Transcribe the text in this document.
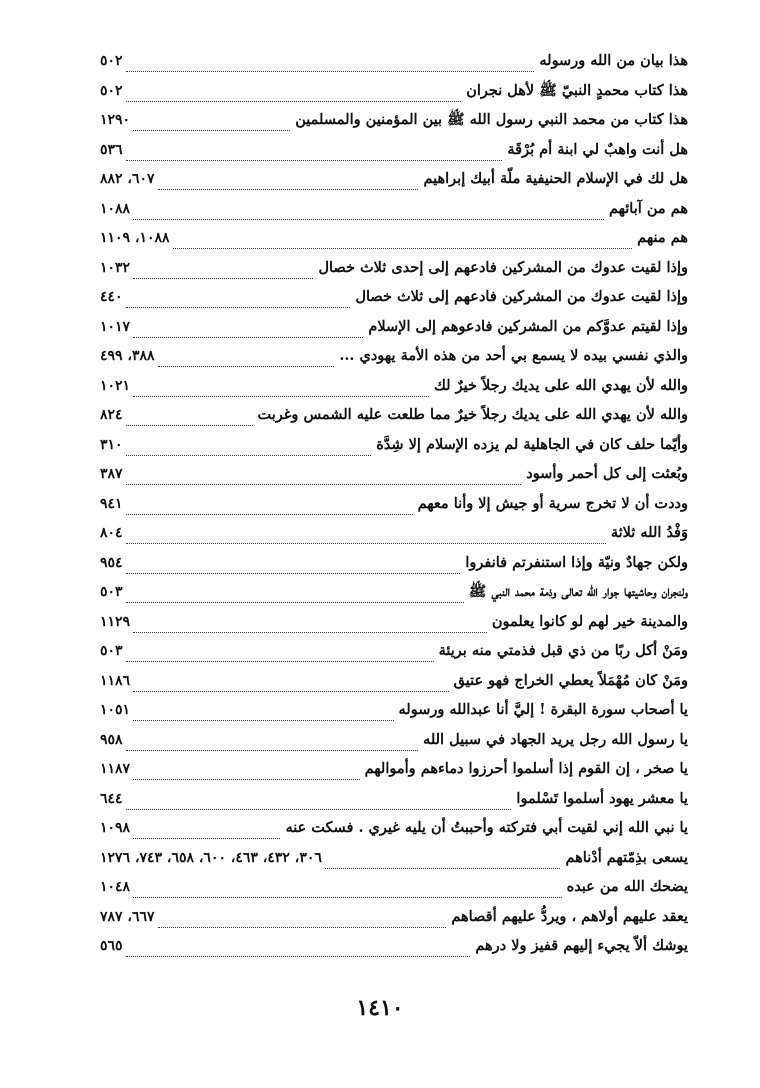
هذا بيان من الله ورسوله
٥٠٢
هذا كتاب محمدٍ النبيّ ﷺ لأهل نجران
٥٠٢
هذا كتاب من محمد النبي رسول الله ﷺ بين المؤمنين والمسلمين
١٢٩٠
هل أنت واهبٌ لي ابنة أم بُرْقَة
٥٣٦
هل لك في الإسلام الحنيفية ملّة أبيك إبراهيم
٦٠٧، ٨٨٢
هم من آبائهم
١٠٨٨
هم منهم
١٠٨٨، ١١٠٩
وإذا لقيت عدوك من المشركين فادعهم إلى إحدى ثلاث خصال
١٠٣٢
وإذا لقيت عدوك من المشركين فادعهم إلى ثلاث خصال
٤٤٠
وإذا لقيتم عدوَّكم من المشركين فادعوهم إلى الإسلام
١٠١٧
والذي نفسي بيده لا يسمع بي أحد من هذه الأمة يهودي ...
٣٨٨، ٤٩٩
والله لأن يهدي الله على يديك رجلاً خيرٌ لك
١٠٢١
والله لأن يهدي الله على يديك رجلاً خيرٌ مما طلعت عليه الشمس وغربت
٨٢٤
وأيّما حلف كان في الجاهلية لم يزده الإسلام إلا شِدَّة
٣١٠
وبُعثت إلى كل أحمر وأسود
٣٨٧
وددت أن لا تخرج سرية أو جيش إلا وأنا معهم
٩٤١
وَفْدُ الله ثلاثة
٨٠٤
ولكن جهادٌ ونيّة وإذا استنفرتم فانفروا
٩٥٤
ولنجران وحاشيتها جوار الله تعالى وذمة محمد النبي ﷺ
٥٠٣
والمدينة خير لهم لو كانوا يعلمون
١١٢٩
ومَنْ أكل ربًا من ذي قبل فذمتي منه بريئة
٥٠٣
ومَنْ كان مُهْمَلاً يعطي الخراج فهو عتيق
١١٨٦
يا أصحاب سورة البقرة ! إليَّ أنا عبدالله ورسوله
١٠٥١
يا رسول الله رجل يريد الجهاد في سبيل الله
٩٥٨
يا صخر ، إن القوم إذا أسلموا أحرزوا دماءهم وأموالهم
١١٨٧
يا معشر يهود أسلموا تَسْلموا
٦٤٤
يا نبي الله إني لقيت أبي فتركته وأحببتُ أن يليه غيري . فسكت عنه
١٠٩٨
يسعى بذِمّتهم أدْناهم
٣٠٦، ٤٣٢، ٤٦٣، ٦٠٠، ٦٥٨، ٧٤٣، ١٢٧٦
يضحك الله من عبده
١٠٤٨
يعقد عليهم أولاهم ، ويردُّ عليهم أقصاهم
٦٦٧، ٧٨٧
يوشك ألاّ يجيء إليهم قفيز ولا درهم
٥٦٥
١٤١٠
